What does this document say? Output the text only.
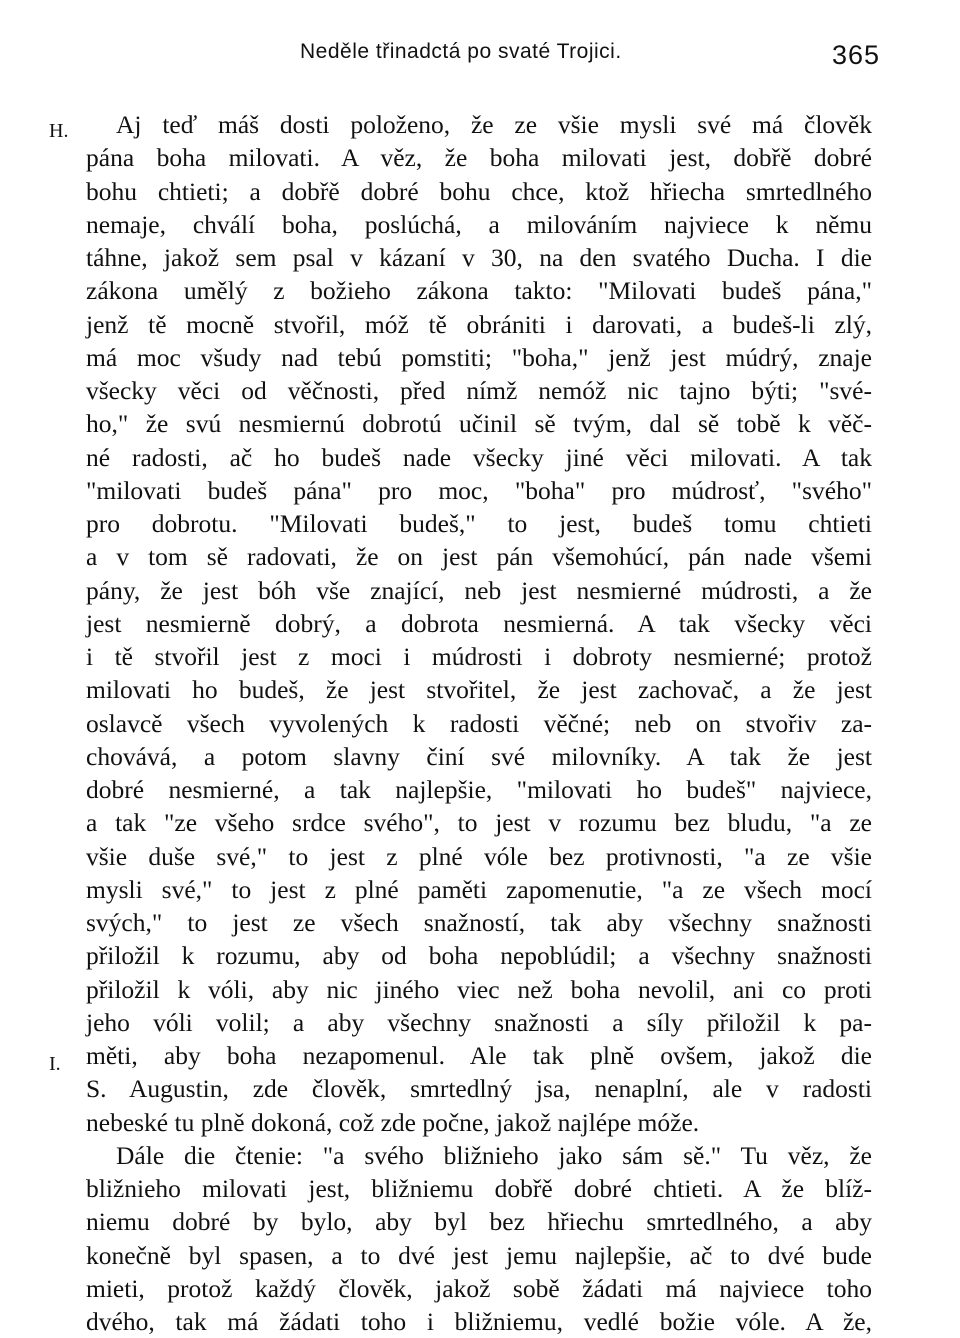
Neděle třinadctá po svaté Trojici.	365
H.
I.
Aj teď máš dosti položeno, že ze všie mysli své má člověk
pána boha milovati. A věz, že boha milovati jest, dobřě dobré
bohu chtieti; a dobřě dobré bohu chce, ktož hřiecha smrtedlného
nemaje, chválí boha, poslúchá, a milováním najviece k němu
táhne, jakož sem psal v kázaní v 30, na den svatého Ducha. I die
zákona umělý z božieho zákona takto: "Milovati budeš pána,"
jenž tě mocně stvořil, móž tě obrániti i darovati, a budeš-li zlý,
má moc všudy nad tebú pomstiti; "boha," jenž jest múdrý, znaje
všecky věci od věčnosti, před nímž nemóž nic tajno býti; "své-
ho," že svú nesmiernú dobrotú učinil sě tvým, dal sě tobě k věč-
né radosti, ač ho budeš nade všecky jiné věci milovati. A tak
"milovati budeš pána" pro moc, "boha" pro múdrosť, "svého"
pro dobrotu. "Milovati budeš," to jest, budeš tomu chtieti
a v tom sě radovati, že on jest pán všemohúcí, pán nade všemi
pány, že jest bóh vše znající, neb jest nesmierné múdrosti, a že
jest nesmierně dobrý, a dobrota nesmierná. A tak všecky věci
i tě stvořil jest z moci i múdrosti i dobroty nesmierné; protož
milovati ho budeš, že jest stvořitel, že jest zachovač, a že jest
oslavcě všech vyvolených k radosti věčné; neb on stvořiv za-
chovává, a potom slavny činí své milovníky. A tak že jest
dobré nesmierné, a tak najlepšie, "milovati ho budeš" najviece,
a tak "ze všeho srdce svého", to jest v rozumu bez bludu, "a ze
všie duše své," to jest z plné vóle bez protivnosti, "a ze všie
mysli své," to jest z plné paměti zapomenutie, "a ze všech mocí
svých," to jest ze všech snažností, tak aby všechny snažnosti
přiložil k rozumu, aby od boha nepoblúdil; a všechny snažnosti
přiložil k vóli, aby nic jiného viec než boha nevolil, ani co proti
jeho vóli volil; a aby všechny snažnosti a síly přiložil k pa-
měti, aby boha nezapomenul. Ale tak plně ovšem, jakož die
S. Augustin, zde člověk, smrtedlný jsa, nenaplní, ale v radosti
nebeské tu plně dokoná, což zde počne, jakož najlépe móže.
Dále die čtenie: "a svého bližnieho jako sám sě." Tu věz, že
bližnieho milovati jest, bližniemu dobřě dobré chtieti. A že blíž-
niemu dobré by bylo, aby byl bez hřiechu smrtedlného, a aby
konečně byl spasen, a to dvé jest jemu najlepšie, ač to dvé bude
mieti, protož každý člověk, jakož sobě žádati má najviece toho
dvého, tak má žádati toho i bližniemu, vedlé božie vóle. A že,
